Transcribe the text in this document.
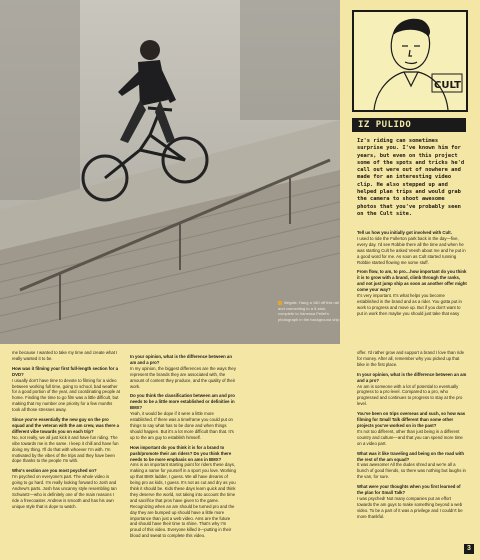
Illégale. Hang a 180 off this rail and connecting to a 5-stair, complete to Vanessa Pellet's photograph in the background ship
CULT
IZ PULIDO
Iz's riding can sometimes surprise you. I've known him for years, but even on this project some of the spots and tricks he'd call out were out of nowhere and made for an interesting video clip. He also stepped up and helped plan trips and would grab the camera to shoot awesome photos that you've probably seen on the Cult site.
Tell us how you initially got involved with Cult.
I used to ride the Fullerton park back in the day—five, every day. I'd see Robbie there all the time and when he was starting Cult he asked Veesh about me and he put in a good word for me. As soon as Cult started running Robbie started flowing me some stuff.
From flow, to am, to pro…how important do you think it is to grow with a brand, climb through the ranks, and not just jump ship as soon as another offer might come your way?
It's very important. It's what helps you become established in the brand and as a rider. You gotta put in work to progress and move up. But if you don't want to put in work then maybe you should just take that easy
me because I wanted to take my time and create what I really wanted it to be.
How was it filming your first full-length section for a DVD?
I usually don't have time to devote to filming for a video between working full time, going to school, bad weather for a good portion of the year, and coordinating people at home. Finding the time to go film was a little difficult, but making that my number one priority for a few months took all those stresses away.
Since you're essentially the new guy on the pro squad and the veteran with the am crew, was there a different vibe towards you on each trip?
No, not really, we all just kick it and have fun riding. The vibe towards me is the same. I keep it chill and have fun doing my thing. I'll do that with whoever I'm with. I'm motivated by the vibes of the trips and they have been dope thanks to the people I'm with.
Who's section are you most psyched on?
I'm psyched on everyone's part. The whole video is going to go hard. I'm really looking forward to Josh and Andrew's parts. Josh has uncanny style resembling Ian Schwartz—who is definitely one of the main reasons I ride a freecoaster. Andrew is smooth and has his own unique style that is dope to watch.
In your opinion, what is the difference between an am and a pro?
In my opinion, the biggest differences are the ways they represent the brands they are associated with, the amount of content they produce, and the quality of their work.
Do you think the classification between am and pro needs to be a little more established or definitive in BMX?
Yeah, it would be dope if it were a little more established. If there was a timeframe you could put on things to say what has to be done and when things should happen. But it's a lot more difficult than that. It's up to the am guy to establish himself.
How important do you think it is for a brand to push/promote their am riders? Do you think there needs to be more emphasis on ams in BMX?
Ams is an important starting point for riders these days, making a name for yourself in a sport you love. Working up that BMX ladder, I guess. We all have dreams of being pro as kids, I guess. It's not as cut and dry as you think it should be. Kids these days learn quick and think they deserve the world, not taking into account the time and sacrifice that pros have given to the game. Recognizing when an am should be turned pro and the day they are bumped up should have a little more importance than just a web video. Ams are the future and should have their time to shine. That's why I'm proud of this video. Everyone killed it—putting in their blood and sweat to complete this video.
offer. I'd rather grow and support a brand I love than ride for money. After all, remember why you picked up that bike in the first place.
In your opinion, what is the difference between an am and a pro?
An am is someone with a lot of potential to eventually progress to a pro level. Compared to a pro, who progressed and continues to progress to stay at the pro level.
You've been on trips overseas and such, so how was filming for Small Talk different than some other projects you've worked on in the past?
It's not too different, other than just being in a different country and culture—and that you can spend more time on a video part.
What was it like traveling and being on the road with the rest of the am squad?
It was awesome! All the dudes shred and we're all a bunch of good friends, so there was nothing but laughs in the van, for sure.
What were your thoughts when you first learned of the plan for Small Talk?
I was psyched! Not many companies put an effort towards the am guys to make something beyond a web video. To be a part of it was a privilege and I couldn't be more thankful.
3
